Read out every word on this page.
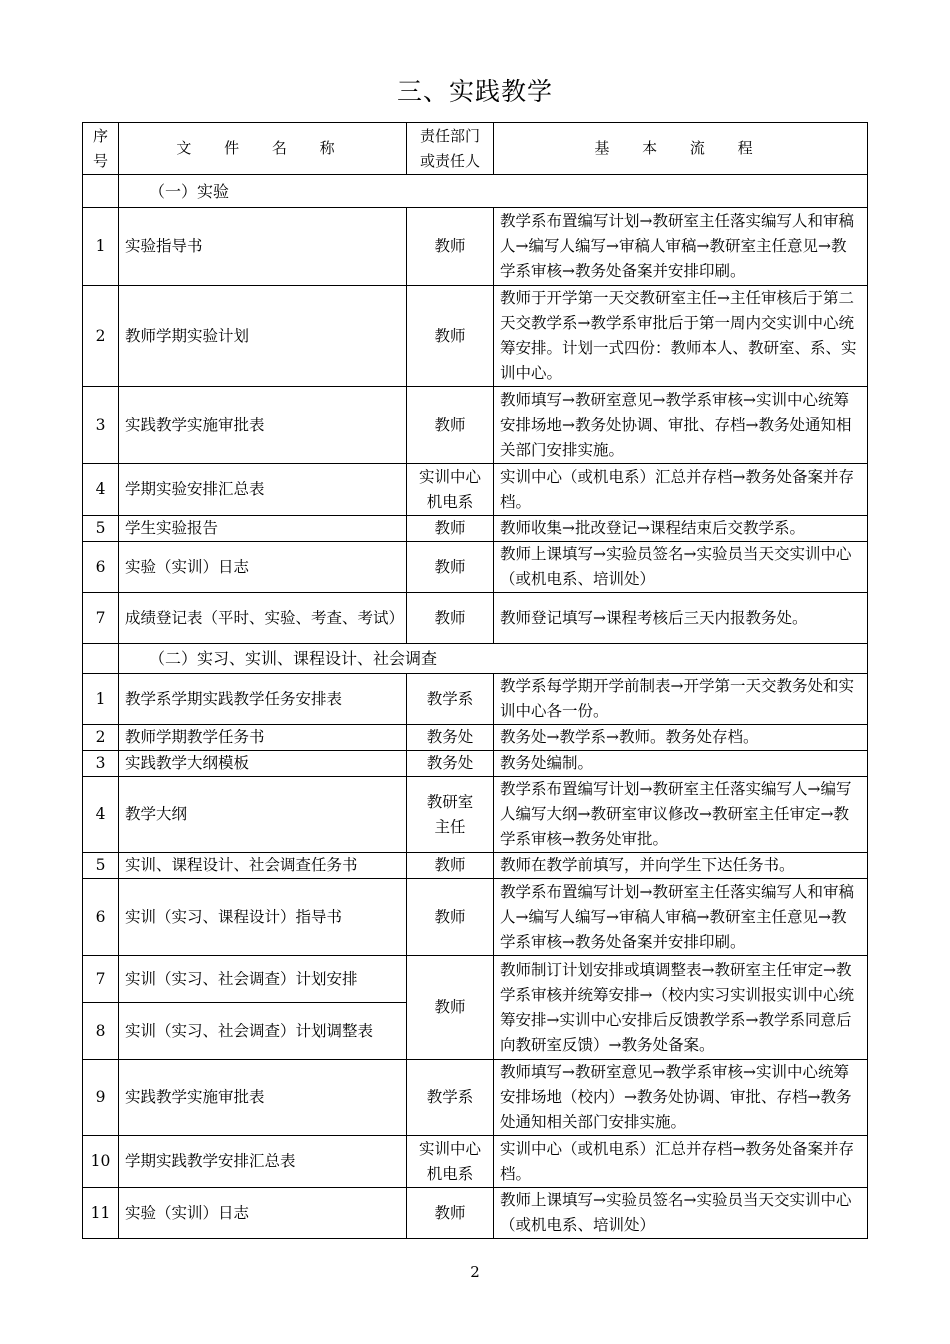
三、实践教学
序号	文 件 名 称	责任部门或责任人	基 本 流 程
	（一）实验		
1	实验指导书	教师	教学系布置编写计划→教研室主任落实编写人和审稿人→编写人编写→审稿人审稿→教研室主任意见→教学系审核→教务处备案并安排印刷。
2	教师学期实验计划	教师	教师于开学第一天交教研室主任→主任审核后于第二天交教学系→教学系审批后于第一周内交实训中心统筹安排。计划一式四份：教师本人、教研室、系、实训中心。
3	实践教学实施审批表	教师	教师填写→教研室意见→教学系审核→实训中心统筹安排场地→教务处协调、审批、存档→教务处通知相关部门安排实施。
4	学期实验安排汇总表	实训中心机电系	实训中心（或机电系）汇总并存档→教务处备案并存档。
5	学生实验报告	教师	教师收集→批改登记→课程结束后交教学系。
6	实验（实训）日志	教师	教师上课填写→实验员签名→实验员当天交实训中心（或机电系、培训处）
7	成绩登记表（平时、实验、考查、考试）	教师	教师登记填写→课程考核后三天内报教务处。
	（二）实习、实训、课程设计、社会调查		
1	教学系学期实践教学任务安排表	教学系	教学系每学期开学前制表→开学第一天交教务处和实训中心各一份。
2	教师学期教学任务书	教务处	教务处→教学系→教师。教务处存档。
3	实践教学大纲模板	教务处	教务处编制。
4	教学大纲	教研室主任	教学系布置编写计划→教研室主任落实编写人→编写人编写大纲→教研室审议修改→教研室主任审定→教学系审核→教务处审批。
5	实训、课程设计、社会调查任务书	教师	教师在教学前填写，并向学生下达任务书。
6	实训（实习、课程设计）指导书	教师	教学系布置编写计划→教研室主任落实编写人和审稿人→编写人编写→审稿人审稿→教研室主任意见→教学系审核→教务处备案并安排印刷。
7	实训（实习、社会调查）计划安排	教师	教师制订计划安排或填调整表→教研室主任审定→教学系审核并统筹安排→（校内实习实训报实训中心统筹安排→实训中心安排后反馈教学系→教学系同意后向教研室反馈）→教务处备案。
8	实训（实习、社会调查）计划调整表		
9	实践教学实施审批表	教学系	教师填写→教研室意见→教学系审核→实训中心统筹安排场地（校内）→教务处协调、审批、存档→教务处通知相关部门安排实施。
10	学期实践教学安排汇总表	实训中心机电系	实训中心（或机电系）汇总并存档→教务处备案并存档。
11	实验（实训）日志	教师	教师上课填写→实验员签名→实验员当天交实训中心（或机电系、培训处）
2
